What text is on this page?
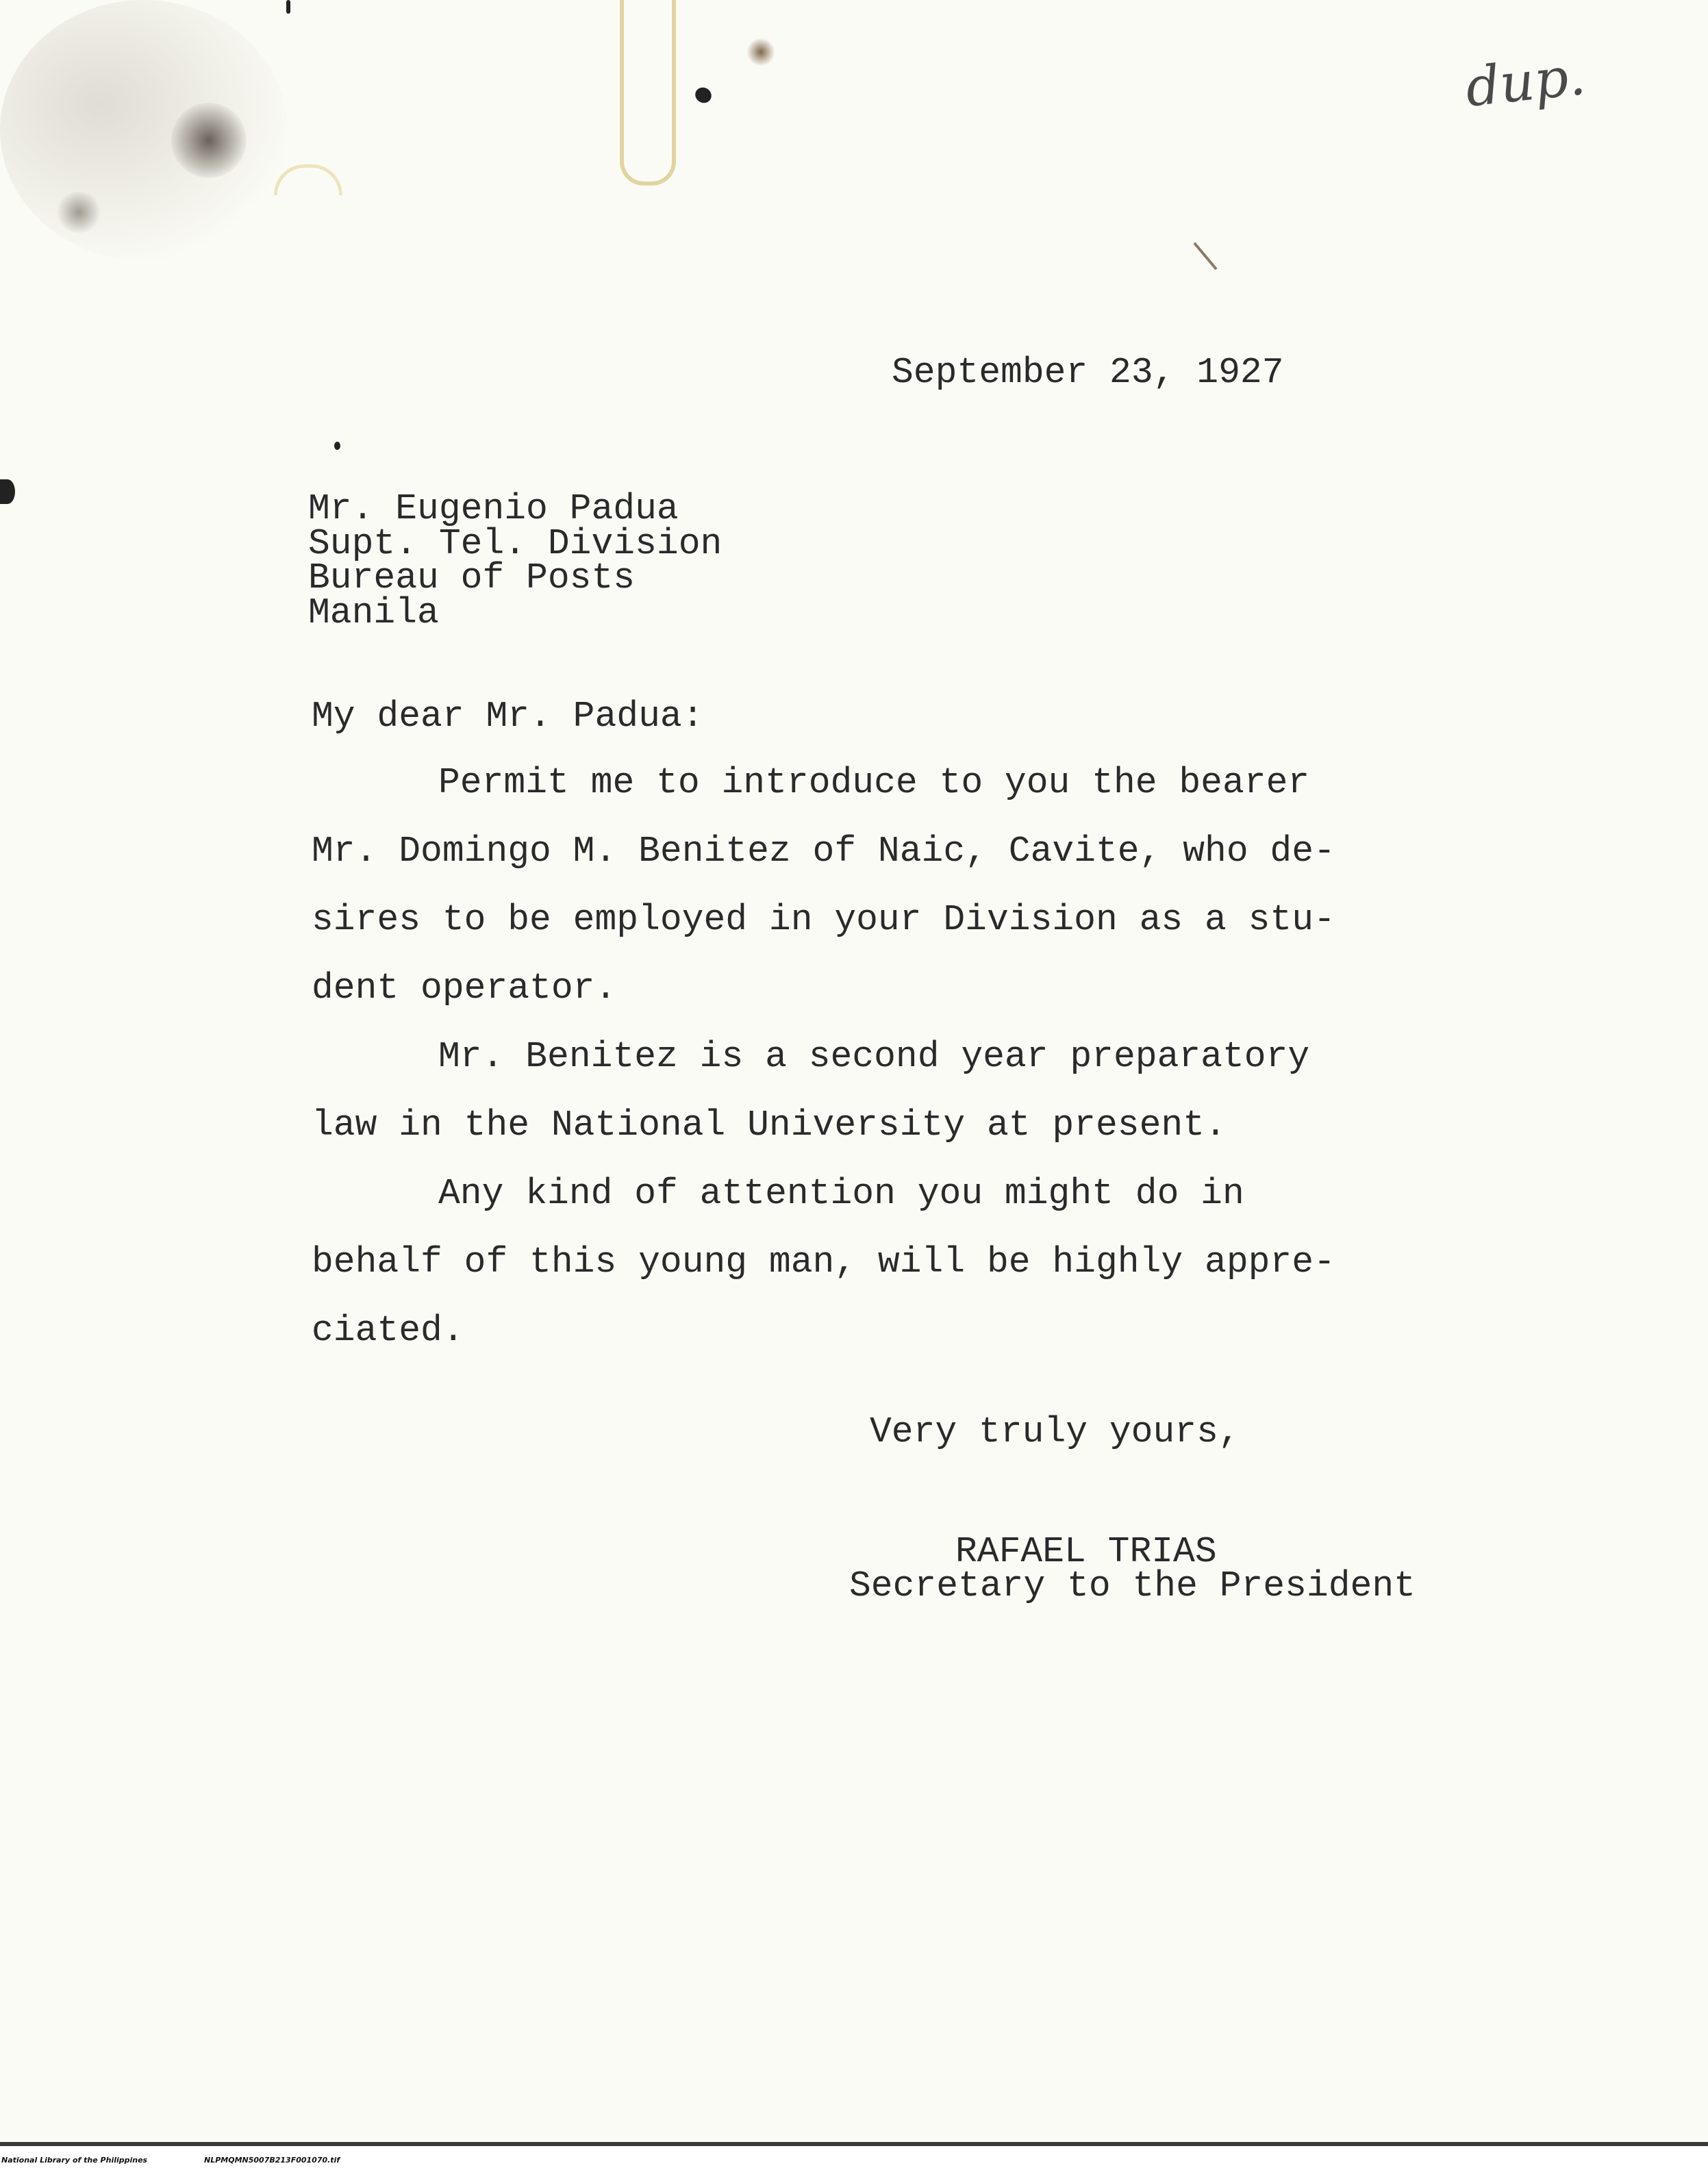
dup.
September 23, 1927
Mr. Eugenio Padua
Supt. Tel. Division
Bureau of Posts
Manila
My dear Mr. Padua:
Permit me to introduce to you the bearer
Mr. Domingo M. Benitez of Naic, Cavite, who de-
sires to be employed in your Division as a stu-
dent operator.
Mr. Benitez is a second year preparatory
law in the National University at present.
Any kind of attention you might do in
behalf of this young man, will be highly appre-
ciated.
Very truly yours,
RAFAEL TRIAS
Secretary to the President
National Library of the Philippines	NLPMQMN5007B213F001070.tif
